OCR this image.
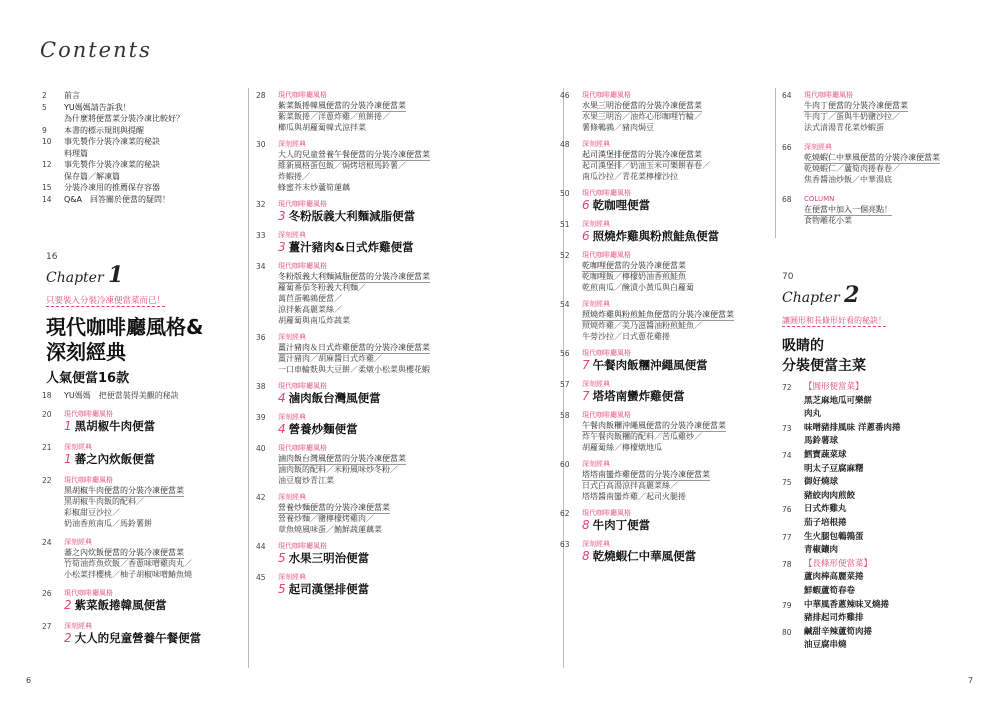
Contents
2	前言
5	YU媽媽請告訴我！
為什麼將便當菜分裝冷凍比較好？
9	本書的標示規則與提醒
10	事先製作分裝冷凍菜的秘訣
料理篇
12	事先製作分裝冷凍菜的秘訣
保存篇／解凍篇
15	分裝冷凍用的推薦保存容器
14	Q&A　回答關於便當的疑問！
18	YU媽媽　把便當裝得美觀的秘訣
20	現代咖啡廳風格
1 黑胡椒牛肉便當
21	深刻經典
1 蕃之內炊飯便當
22	現代咖啡廳風格
黑胡椒牛肉便當的分裝冷凍便當菜
黑胡椒牛肉飯的配料／
彩椒甜豆沙拉／
奶油香煎南瓜／馬鈴薯餅
24	深刻經典
蕃之內炊飯便當的分裝冷凍便當菜
竹筍油炸魚炊飯／香蔥味噌雞肉丸／
小松菜拌櫻桃／柚子胡椒味噌鰆魚燒
26	現代咖啡廳風格
2 紫菜飯捲韓風便當
27	深刻經典
2 大人的兒童營養午餐便當
28	現代咖啡廳風格
紫菜飯捲韓風便當的分裝冷凍便當菜
紫菜飯捲／洋蔥炸雞／煎餅捲／
櫛瓜與胡蘿蔔韓式涼拌菜
30	深刻經典
大人的兒童營養午餐便當的分裝冷凍便當菜
維新風格蛋包飯／焗烤培根馬鈴薯／
炸蝦捲／
蜂蜜芥末炒蘆筍蓮藕
32	現代咖啡廳風格
3 冬粉版義大利麵減脂便當
33	深刻經典
3 薑汁豬肉&日式炸雞便當
34	現代咖啡廳風格
冬粉版義大利麵減脂便當的分裝冷凍便當菜
蘿蔔番茄冬粉義大利麵／
萬苣蛋鵪鶉便當／
涼拌紫高麗菜絲／
胡蘿蔔與南瓜炸蔬菜
36	深刻經典
薑汁豬肉＆日式炸雞便當的分裝冷凍便當菜
薑汁豬肉／胡麻醬日式炸雞／
一口車輪麩與大豆餅／柔燉小松菜與櫻花蝦
38	現代咖啡廳風格
4 滷肉飯台灣風便當
39	深刻經典
4 營養炒麵便當
40	現代咖啡廳風格
滷肉飯台灣風便當的分裝冷凍便當菜
滷肉飯的配料／米粉風味炒冬粉／
油豆腐炒青江菜
42	深刻經典
營養炒麵便當的分裝冷凍便當菜
營養炒麵／鹽檸檬烤雞肉／
章魚燒風味蛋／鮪鮮蔬蓮藕菜
44	現代咖啡廳風格
5 水果三明治便當
45	深刻經典
5 起司漢堡排便當
46	現代咖啡廳風格
水果三明治便當的分裝冷凍便當菜
水果三明治／油炸心形咖哩竹輪／
薯條鵪鶉／豬肉焗豆
48	深刻經典
起司漢堡排便當的分裝冷凍便當菜
起司漢堡排／奶油玉米可樂餅春卷／
南瓜沙拉／青花菜檸檬沙拉
50	現代咖啡廳風格
6 乾咖哩便當
51	深刻經典
6 照燒炸雞與粉煎鮭魚便當
52	現代咖啡廳風格
乾咖哩便當的分裝冷凍便當菜
乾咖哩飯／檸檬奶油香煎鮭魚
乾煎南瓜／醃漬小黃瓜與白蘿蔔
54	深刻經典
照燒炸雞與粉煎鮭魚便當的分裝冷凍便當菜
照燒炸雞／美乃滋醬油粉煎鮭魚／
牛蒡沙拉／日式蔥花雞捲
56	現代咖啡廳風格
7 午餐肉飯糰沖繩風便當
57	深刻經典
7 塔塔南蠻炸雞便當
58	現代咖啡廳風格
午餐肉飯糰沖繩風便當的分裝冷凍便當菜
炸午餐肉飯糰的配料／苦瓜雞炒／
胡蘿蔔絲／檸檬燉地瓜
60	深刻經典
塔塔南蠻炸雞便當的分裝冷凍便當菜
日式白高湯涼拌高麗菜絲／
塔塔醬南蠻炸雞／起司火腿捲
62	現代咖啡廳風格
8 牛肉丁便當
63	深刻經典
8 乾燒蝦仁中華風便當
64	現代咖啡廳風格
牛肉丁便當的分裝冷凍便當菜
牛肉丁／蛋與牛奶鹽沙拉／
法式清湯青花菜炒蝦蛋
66	深刻經典
乾燒蝦仁中華風便當的分裝冷凍便當菜
乾燒蝦仁／蘆筍肉捲春卷／
焦香醬油炒飯／中華湯底
68	COLUMN
在便當中加入一個亮點！
食物雕花小菜
72	【圓形便當菜】
黑芝麻地瓜可樂餅
肉丸
73	味噌豬排風味 洋蔥番肉捲
馬鈴薯球
74	鱈寶蔬菜球
明太子豆腐麻糬
75	御好燒球
豬絞肉肉煎餃
76	日式炸雞丸
茄子培根捲
77	生火腿包鵪鶉蛋
青椒鑲肉
78	【長條形便當菜】
蘆肉棒高麗菜捲
鮮蝦蘆筍春卷
79	中華風香蔥辣味叉燒捲
豬排起司炸雞排
80	鹹甜辛辣蘆筍肉捲
油豆腐串燒
16
Chapter 1
只要裝入分裝冷凍便當菜而已！
現代咖啡廳風格&
深刻經典
人氣便當16款
70
Chapter 2
讓圓形和長條形好看的秘訣！
吸睛的
分裝便當主菜
6	7
